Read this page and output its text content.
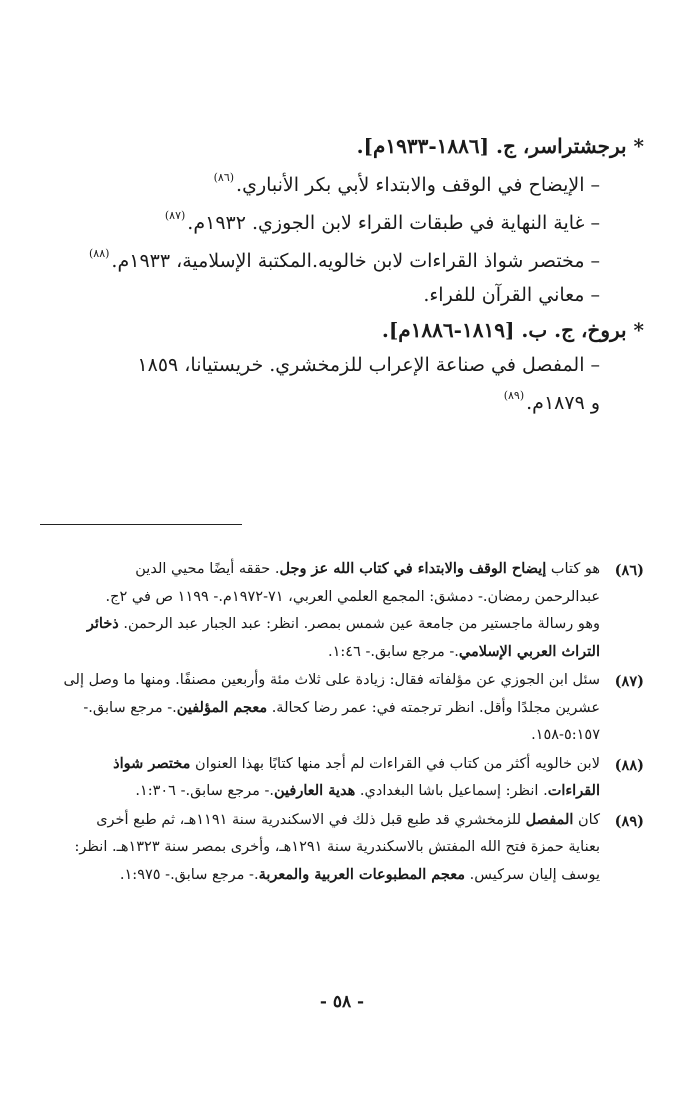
* برجشتراسر، ج. [١٨٨٦-١٩٣٣م].
–الإيضاح في الوقف والابتداء لأبي بكر الأنباري.$^{(٨٦)}$
–غاية النهاية في طبقات القراء لابن الجوزي. ١٩٣٢م.$^{(٨٧)}$
–مختصر شواذ القراءات لابن خالويه.المكتبة الإسلامية، ١٩٣٣م.$^{(٨٨)}$
–معاني القرآن للفراء.
* بروخ، ج. ب. [١٨١٩-١٨٨٦م].
–المفصل في صناعة الإعراب للزمخشري. خريستيانا، ١٨٥٩
و ١٨٧٩م.$^{(٨٩)}$
(٨٦)
هو كتاب إيضاح الوقف والابتداء في كتاب الله عز وجل. حققه أيضًا محيي الدين
عبدالرحمن رمضان.- دمشق: المجمع العلمي العربي، ٧١-١٩٧٢م.- ١١٩٩ ص في ٢ج.
وهو رسالة ماجستير من جامعة عين شمس بمصر. انظر: عبد الجبار عبد الرحمن. ذخائر
التراث العربي الإسلامي.- مرجع سابق.- ١:٤٦.
(٨٧)
سئل ابن الجوزي عن مؤلفاته فقال: زيادة على ثلاث مئة وأربعين مصنفًا. ومنها ما وصل إلى
عشرين مجلدًا وأقل. انظر ترجمته في: عمر رضا كحالة. معجم المؤلفين.- مرجع سابق.-
٥:١٥٧-١٥٨.
(٨٨)
لابن خالويه أكثر من كتاب في القراءات لم أجد منها كتابًا بهذا العنوان مختصر شواذ
القراءات. انظر: إسماعيل باشا البغدادي. هدية العارفين.- مرجع سابق.- ١:٣٠٦.
(٨٩)
كان المفصل للزمخشري قد طبع قبل ذلك في الاسكندرية سنة ١١٩١هـ، ثم طبع أخرى
بعناية حمزة فتح الله المفتش بالاسكندرية سنة ١٢٩١هـ، وأخرى بمصر سنة ١٣٢٣هـ. انظر:
يوسف إليان سركيس. معجم المطبوعات العربية والمعربة.- مرجع سابق.- ١:٩٧٥.
- ٥٨ -
